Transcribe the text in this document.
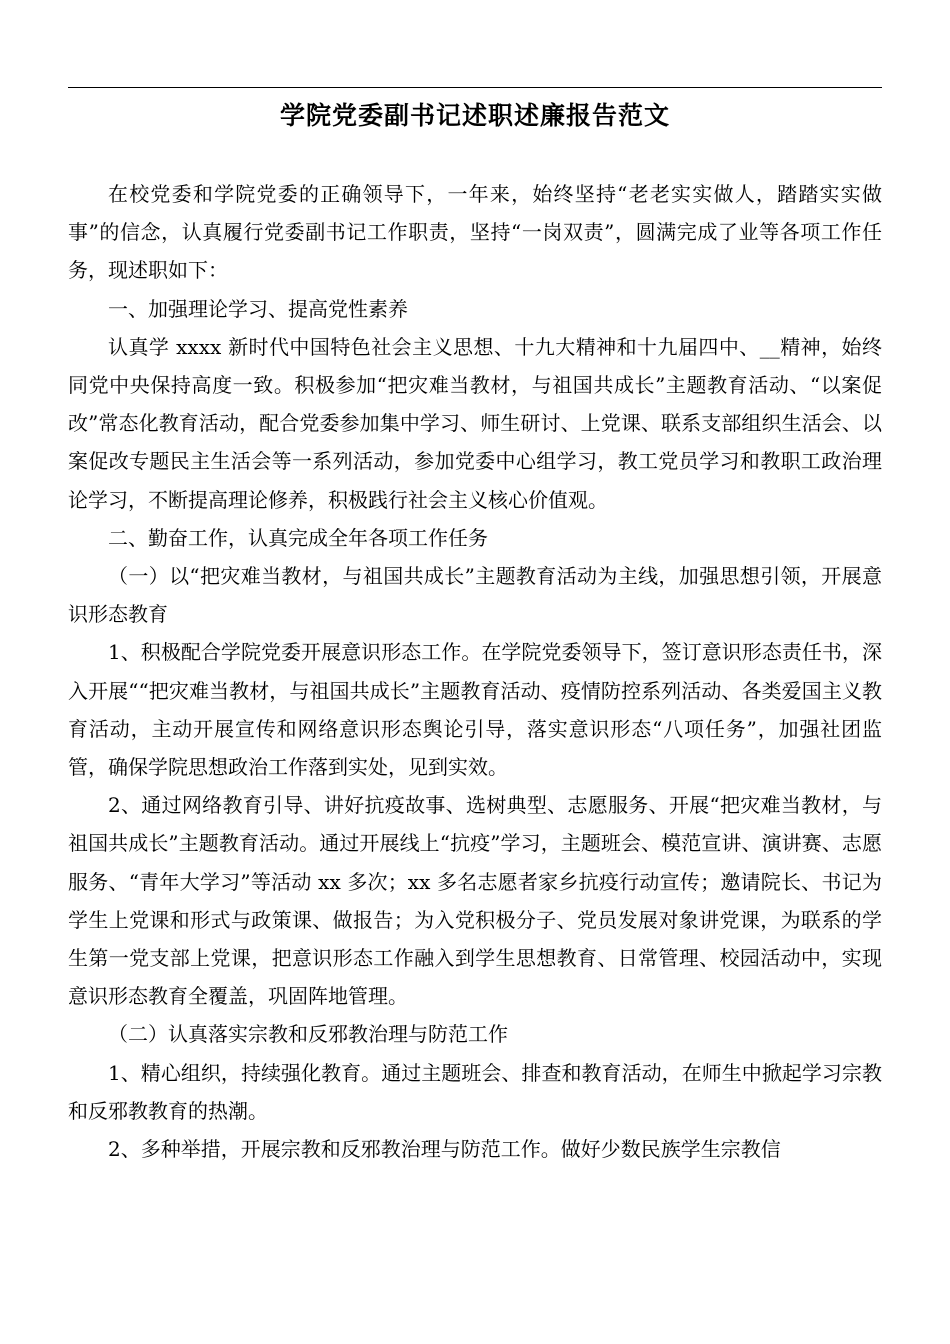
学院党委副书记述职述廉报告范文

在校党委和学院党委的正确领导下，一年来，始终坚持“老老实实做人，踏踏实实做事”的信念，认真履行党委副书记工作职责，坚持“一岗双责”，圆满完成了业等各项工作任务，现述职如下：

一、加强理论学习、提高党性素养

认真学 xxxx 新时代中国特色社会主义思想、十九大精神和十九届四中、__精神，始终同党中央保持高度一致。积极参加“把灾难当教材，与祖国共成长”主题教育活动、“以案促改”常态化教育活动，配合党委参加集中学习、师生研讨、上党课、联系支部组织生活会、以案促改专题民主生活会等一系列活动，参加党委中心组学习，教工党员学习和教职工政治理论学习，不断提高理论修养，积极践行社会主义核心价值观。

二、勤奋工作，认真完成全年各项工作任务

（一）以“把灾难当教材，与祖国共成长”主题教育活动为主线，加强思想引领，开展意识形态教育

1、积极配合学院党委开展意识形态工作。在学院党委领导下，签订意识形态责任书，深入开展““把灾难当教材，与祖国共成长”主题教育活动、疫情防控系列活动、各类爱国主义教育活动，主动开展宣传和网络意识形态舆论引导，落实意识形态“八项任务”，加强社团监管，确保学院思想政治工作落到实处，见到实效。

2、通过网络教育引导、讲好抗疫故事、选树典型、志愿服务、开展“把灾难当教材，与祖国共成长”主题教育活动。通过开展线上“抗疫”学习，主题班会、模范宣讲、演讲赛、志愿服务、“青年大学习”等活动 xx 多次；xx 多名志愿者家乡抗疫行动宣传；邀请院长、书记为学生上党课和形式与政策课、做报告；为入党积极分子、党员发展对象讲党课，为联系的学生第一党支部上党课，把意识形态工作融入到学生思想教育、日常管理、校园活动中，实现意识形态教育全覆盖，巩固阵地管理。

（二）认真落实宗教和反邪教治理与防范工作

1、精心组织，持续强化教育。通过主题班会、排查和教育活动，在师生中掀起学习宗教和反邪教教育的热潮。

2、多种举措，开展宗教和反邪教治理与防范工作。做好少数民族学生宗教信
